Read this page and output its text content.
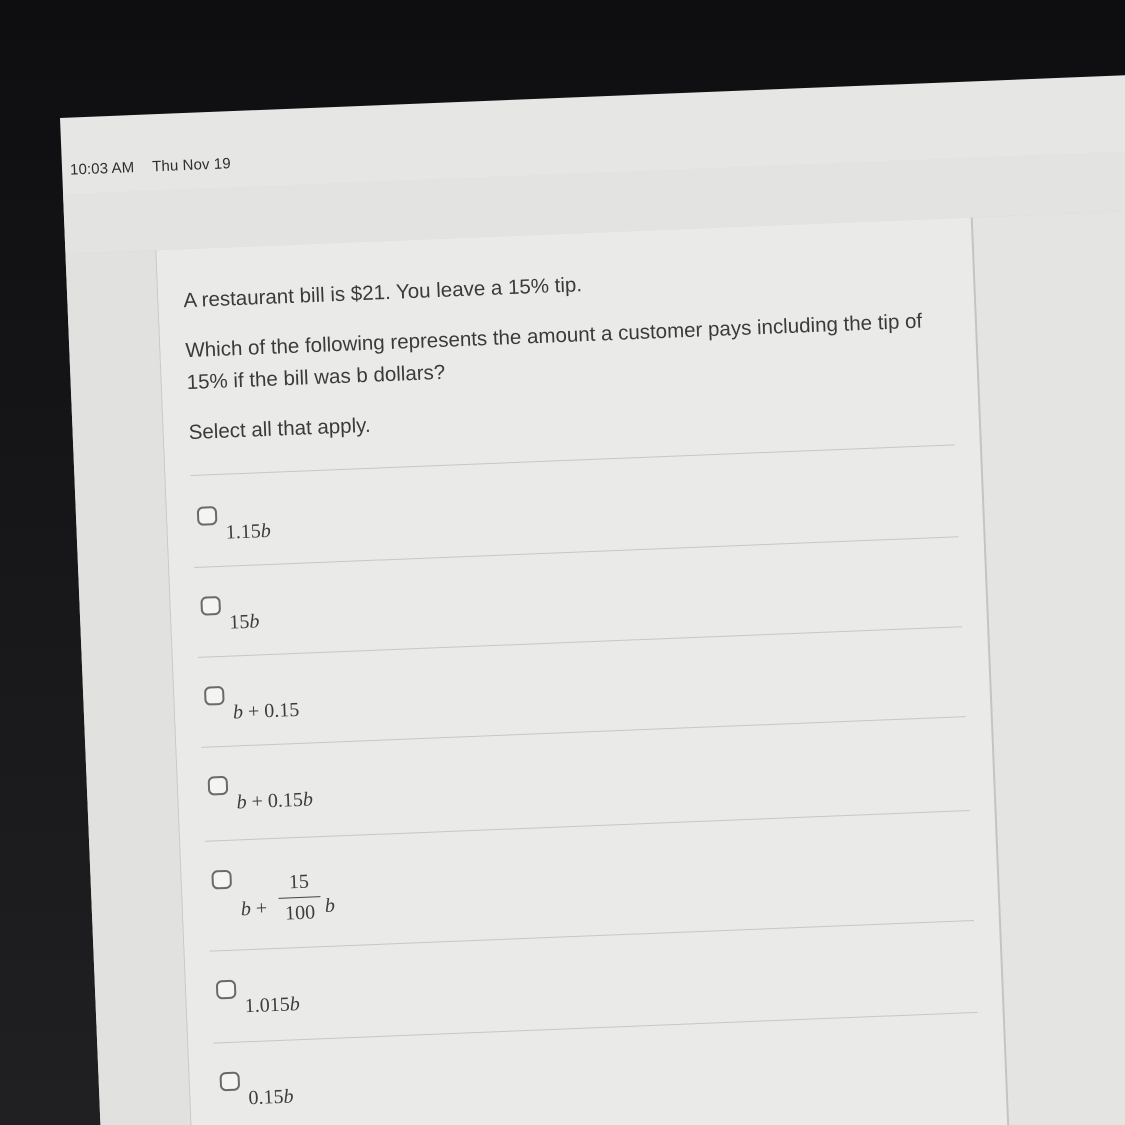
10:03 AM Thu Nov 19

A restaurant bill is $21. You leave a 15% tip.

Which of the following represents the amount a customer pays including the tip of 15% if the bill was b dollars?

Select all that apply.

1.15b
15b
b + 0.15
b + 0.15b
b +
15
100 b
1.015b
0.15b
